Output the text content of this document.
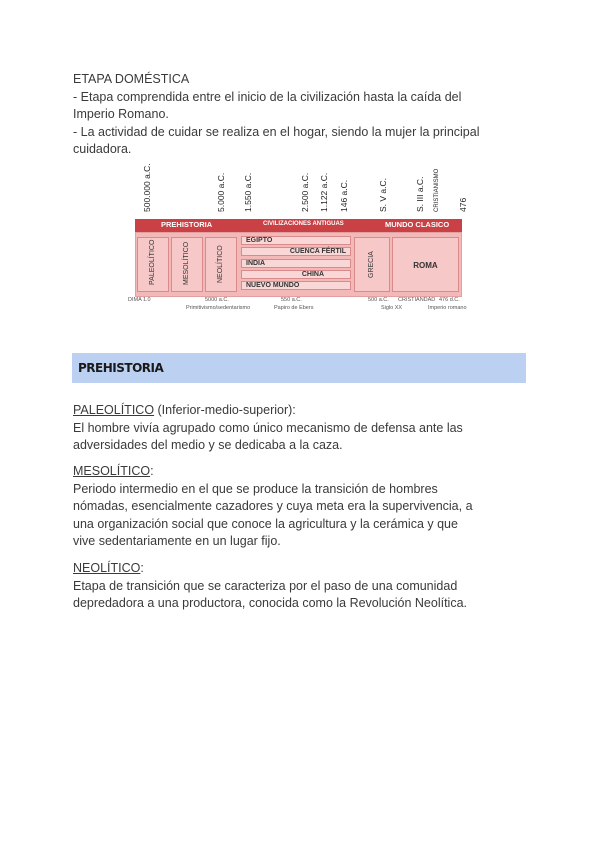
ETAPA DOMÉSTICA
- Etapa comprendida entre el inicio de la civilización hasta la caída del
Imperio Romano.
- La actividad de cuidar se realiza en el hogar, siendo la mujer la principal
cuidadora.
500.000 a.C.	5.000 a.C. 1.550 a.C.	2.500 a.C. 1.122 a.C. 146 a.C.	S. V a.C.	S. III a.C. CRISTIANISMO 476
PREHISTORIA	CIVILIZACIONES ANTIGUAS	MUNDO CLASICO
PALEOLÍTICO	MESOLÍTICO	NEOLÍTICO
EGIPTO
CUENCA FÉRTIL
INDIA
CHINA
NUEVO MUNDO
GRECIA	ROMA
DIMA 1.0	5000 a.C.	550 a.C.	500 a.C. CRISTIANDAD 476 d.C.
Primitivismo/sedentarismo	Papiro de Ebers	Siglo XX	Imperio romano
PREHISTORIA
PALEOLÍTICO (Inferior-medio-superior):
El hombre vivía agrupado como único mecanismo de defensa ante las
adversidades del medio y se dedicaba a la caza.
MESOLÍTICO:
Periodo intermedio en el que se produce la transición de hombres
nómadas, esencialmente cazadores y cuya meta era la supervivencia, a
una organización social que conoce la agricultura y la cerámica y que
vive sedentariamente en un lugar fijo.
NEOLÍTICO:
Etapa de transición que se caracteriza por el paso de una comunidad
depredadora a una productora, conocida como la Revolución Neolítica.
